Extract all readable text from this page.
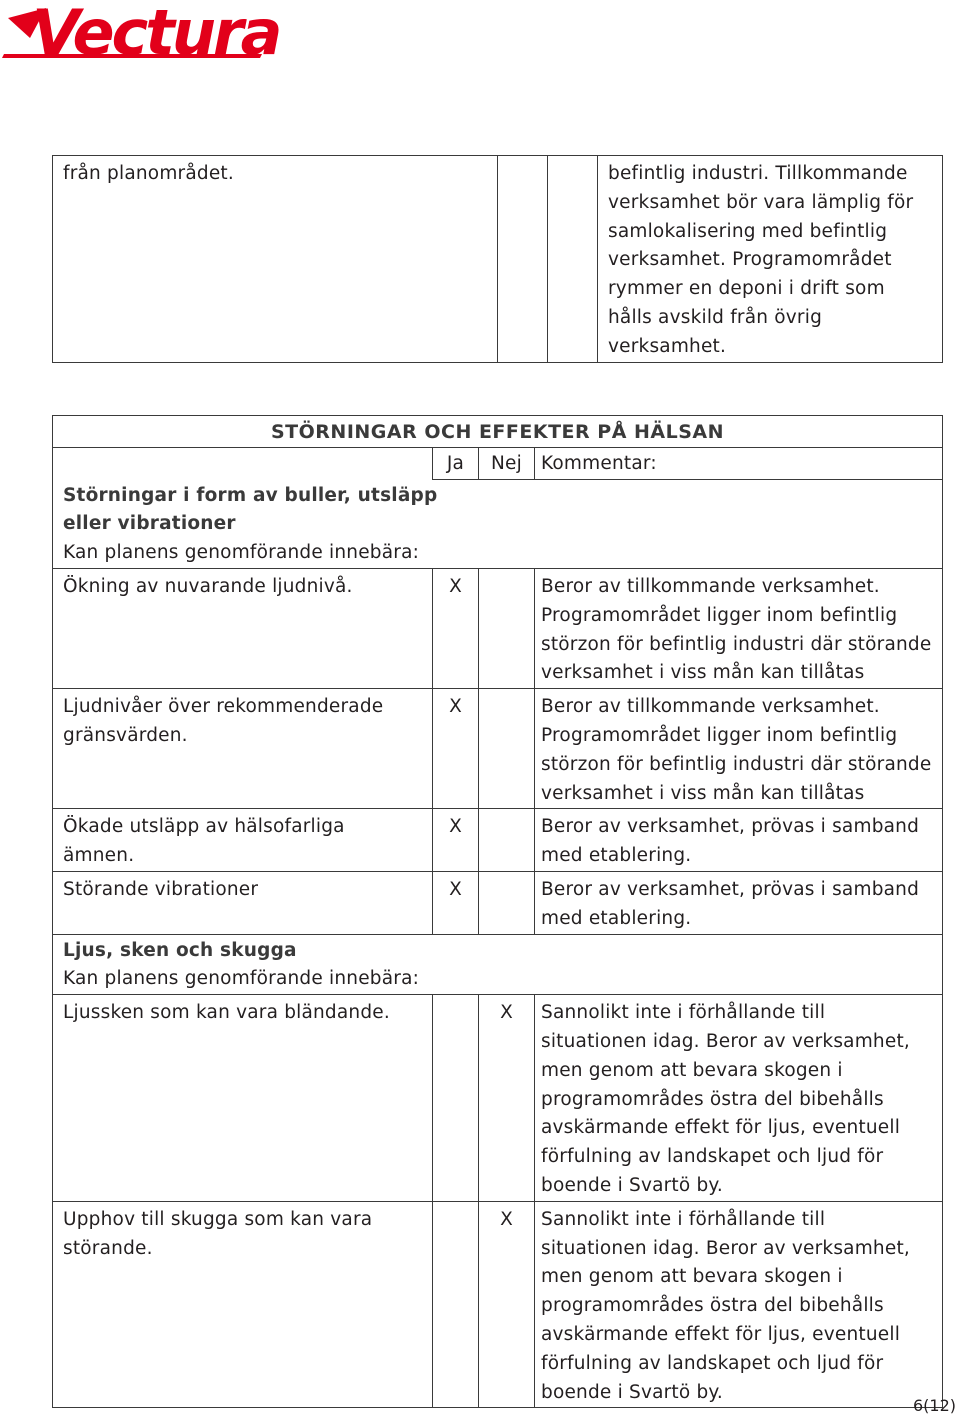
Vectura
från planområdet.			befintlig industri. Tillkommande verksamhet bör vara lämplig för samlokalisering med befintlig verksamhet. Programområdet rymmer en deponi i drift som hålls avskild från övrig verksamhet.
STÖRNINGAR OCH EFFEKTER PÅ HÄLSAN			
	Ja	Nej	Kommentar:

Störningar i form av buller, utsläpp

eller vibrationer

Kan planens genomförande innebära:			

Ökning av nuvarande ljudnivå.	X		Beror av tillkommande verksamhet. Programområdet ligger inom befintlig störzon för befintlig industri där störande verksamhet i viss mån kan tillåtas
Ljudnivåer över rekommenderade gränsvärden.	X		Beror av tillkommande verksamhet. Programområdet ligger inom befintlig störzon för befintlig industri där störande verksamhet i viss mån kan tillåtas
Ökade utsläpp av hälsofarliga ämnen.	X		Beror av verksamhet, prövas i samband med etablering.
Störande vibrationer	X		Beror av verksamhet, prövas i samband med etablering.

Ljus, sken och skugga

Kan planens genomförande innebära:			

Ljussken som kan vara bländande.		X	Sannolikt inte i förhållande till situationen idag. Beror av verksamhet, men genom att bevara skogen i programområdes östra del bibehålls avskärmande effekt för ljus, eventuell förfulning av landskapet och ljud för boende i Svartö by.
Upphov till skugga som kan vara störande.		X	Sannolikt inte i förhållande till situationen idag. Beror av verksamhet, men genom att bevara skogen i programområdes östra del bibehålls avskärmande effekt för ljus, eventuell förfulning av landskapet och ljud för boende i Svartö by.
6(12)
